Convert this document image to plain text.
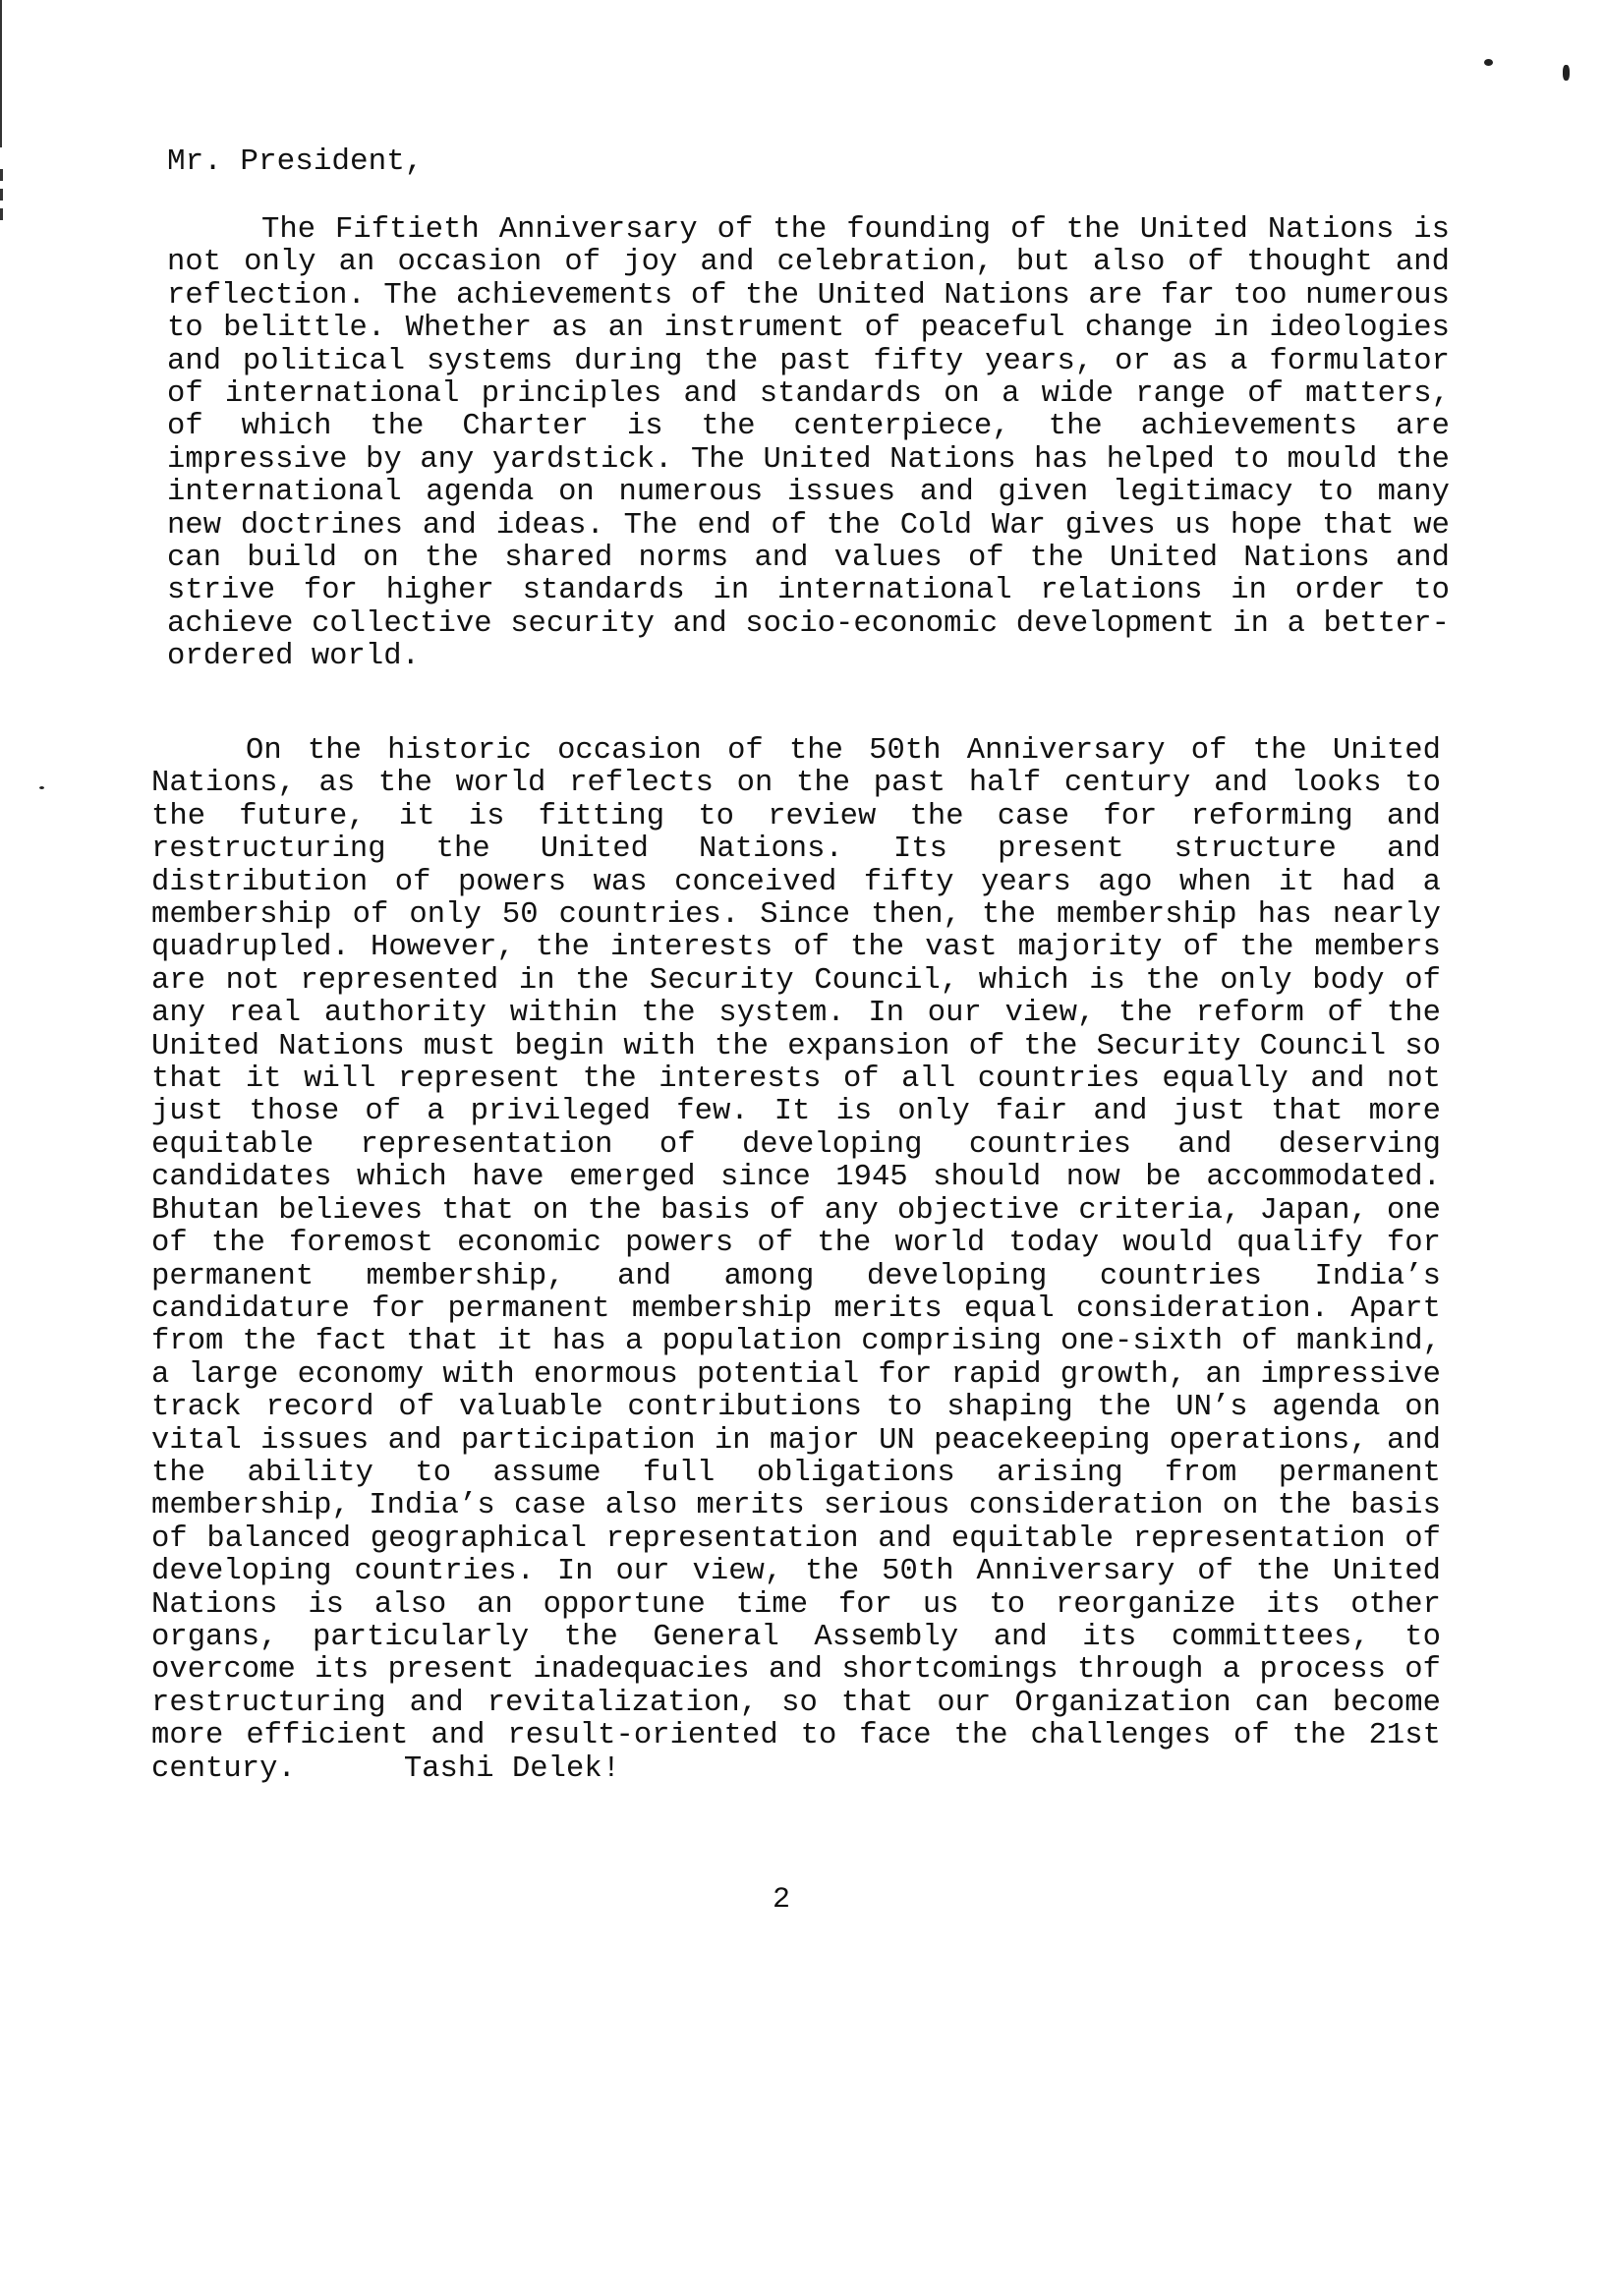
Mr. President,
The Fiftieth Anniversary of the founding of the United Nations is not only an occasion of joy and celebration, but also of thought and reflection. The achievements of the United Nations are far too numerous to belittle. Whether as an instrument of peaceful change in ideologies and political systems during the past fifty years, or as a formulator of international principles and standards on a wide range of matters, of which the Charter is the centerpiece, the achievements are impressive by any yardstick. The United Nations has helped to mould the international agenda on numerous issues and given legitimacy to many new doctrines and ideas. The end of the Cold War gives us hope that we can build on the shared norms and values of the United Nations and strive for higher standards in international relations in order to achieve collective security and socio-economic development in a better-ordered world.
On the historic occasion of the 50th Anniversary of the United Nations, as the world reflects on the past half century and looks to the future, it is fitting to review the case for reforming and restructuring the United Nations. Its present structure and distribution of powers was conceived fifty years ago when it had a membership of only 50 countries. Since then, the membership has nearly quadrupled. However, the interests of the vast majority of the members are not represented in the Security Council, which is the only body of any real authority within the system. In our view, the reform of the United Nations must begin with the expansion of the Security Council so that it will represent the interests of all countries equally and not just those of a privileged few. It is only fair and just that more equitable representation of developing countries and deserving candidates which have emerged since 1945 should now be accommodated. Bhutan believes that on the basis of any objective criteria, Japan, one of the foremost economic powers of the world today would qualify for permanent membership, and among developing countries India’s candidature for permanent membership merits equal consideration. Apart from the fact that it has a population comprising one-sixth of mankind, a large economy with enormous potential for rapid growth, an impressive track record of valuable contributions to shaping the UN’s agenda on vital issues and participation in major UN peacekeeping operations, and the ability to assume full obligations arising from permanent membership, India’s case also merits serious consideration on the basis of balanced geographical representation and equitable representation of developing countries. In our view, the 50th Anniversary of the United Nations is also an opportune time for us to reorganize its other organs, particularly the General Assembly and its committees, to overcome its present inadequacies and shortcomings through a process of restructuring and revitalization, so that our Organization can become more efficient and result-oriented to face the challenges of the 21st century.	Tashi Delek!
2
